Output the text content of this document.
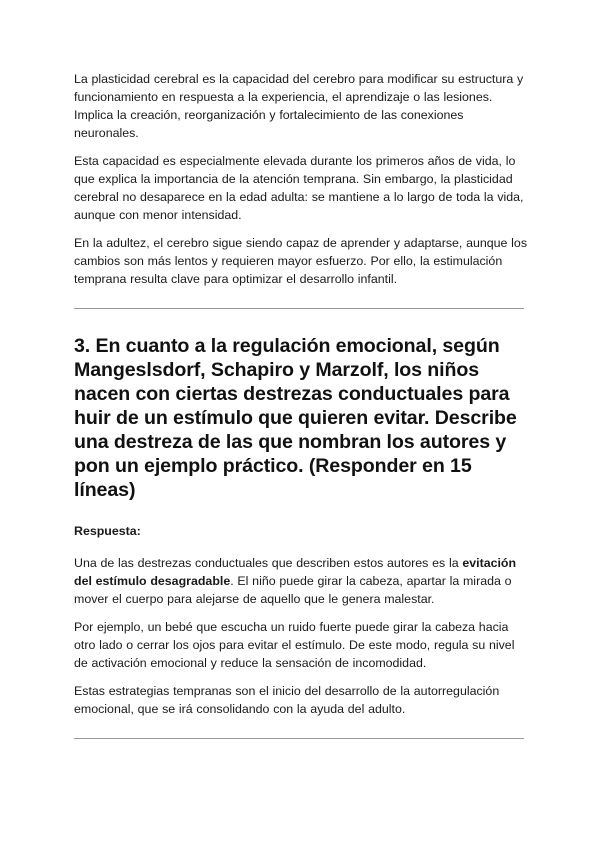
La plasticidad cerebral es la capacidad del cerebro para modificar su estructura y funcionamiento en respuesta a la experiencia, el aprendizaje o las lesiones. Implica la creación, reorganización y fortalecimiento de las conexiones neuronales.

Esta capacidad es especialmente elevada durante los primeros años de vida, lo que explica la importancia de la atención temprana. Sin embargo, la plasticidad cerebral no desaparece en la edad adulta: se mantiene a lo largo de toda la vida, aunque con menor intensidad.

En la adultez, el cerebro sigue siendo capaz de aprender y adaptarse, aunque los cambios son más lentos y requieren mayor esfuerzo. Por ello, la estimulación temprana resulta clave para optimizar el desarrollo infantil.

3. En cuanto a la regulación emocional, según Mangeslsdorf, Schapiro y Marzolf, los niños nacen con ciertas destrezas conductuales para huir de un estímulo que quieren evitar. Describe una destreza de las que nombran los autores y pon un ejemplo práctico. (Responder en 15 líneas)

Respuesta:

Una de las destrezas conductuales que describen estos autores es la evitación del estímulo desagradable. El niño puede girar la cabeza, apartar la mirada o mover el cuerpo para alejarse de aquello que le genera malestar.

Por ejemplo, un bebé que escucha un ruido fuerte puede girar la cabeza hacia otro lado o cerrar los ojos para evitar el estímulo. De este modo, regula su nivel de activación emocional y reduce la sensación de incomodidad.

Estas estrategias tempranas son el inicio del desarrollo de la autorregulación emocional, que se irá consolidando con la ayuda del adulto.
